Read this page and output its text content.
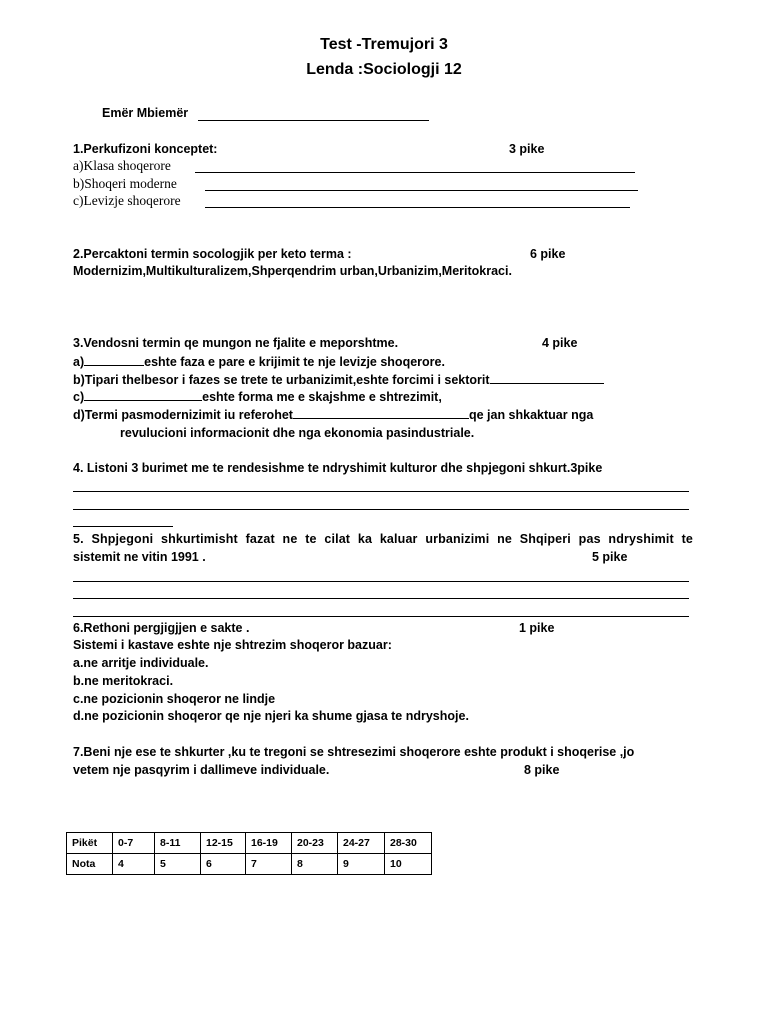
Test -Tremujori 3
Lenda :Sociologji 12
Emër Mbiemër
1.Perkufizoni konceptet:	3 pike
a)Klasa shoqerore
b)Shoqeri moderne
c)Levizje shoqerore
2.Percaktoni termin socologjik per keto terma :	6 pike
Modernizim,Multikulturalizem,Shperqendrim urban,Urbanizim,Meritokraci.
3.Vendosni termin qe mungon ne fjalite e meporshtme.	4 pike
a)	eshte faza e pare e krijimit te nje levizje shoqerore.
b)Tipari thelbesor i fazes se trete te urbanizimit,eshte forcimi i sektorit
c)	eshte forma me e skajshme e shtrezimit,
d)Termi pasmodernizimit iu referohet	qe jan shkaktuar nga
revulucioni informacionit dhe nga ekonomia pasindustriale.
4. Listoni 3 burimet me te rendesishme te ndryshimit kulturor dhe shpjegoni shkurt.3pike
5. Shpjegoni shkurtimisht fazat ne te cilat ka kaluar urbanizimi ne Shqiperi pas ndryshimit te
sistemit ne vitin 1991 .	5 pike
6.Rethoni pergjigjjen e sakte .	1 pike
Sistemi i kastave eshte nje shtrezim shoqeror bazuar:
a.ne arritje individuale.
b.ne meritokraci.
c.ne pozicionin shoqeror ne lindje
d.ne pozicionin shoqeror qe nje njeri ka shume gjasa te ndryshoje.
7.Beni nje ese te shkurter ,ku te tregoni se shtresezimi shoqerore eshte produkt i shoqerise ,jo
vetem nje pasqyrim i dallimeve individuale.	8 pike
Pikët	0-7	8-11	12-15	16-19	20-23	24-27	28-30
Nota	4	5	6	7	8	9	10
